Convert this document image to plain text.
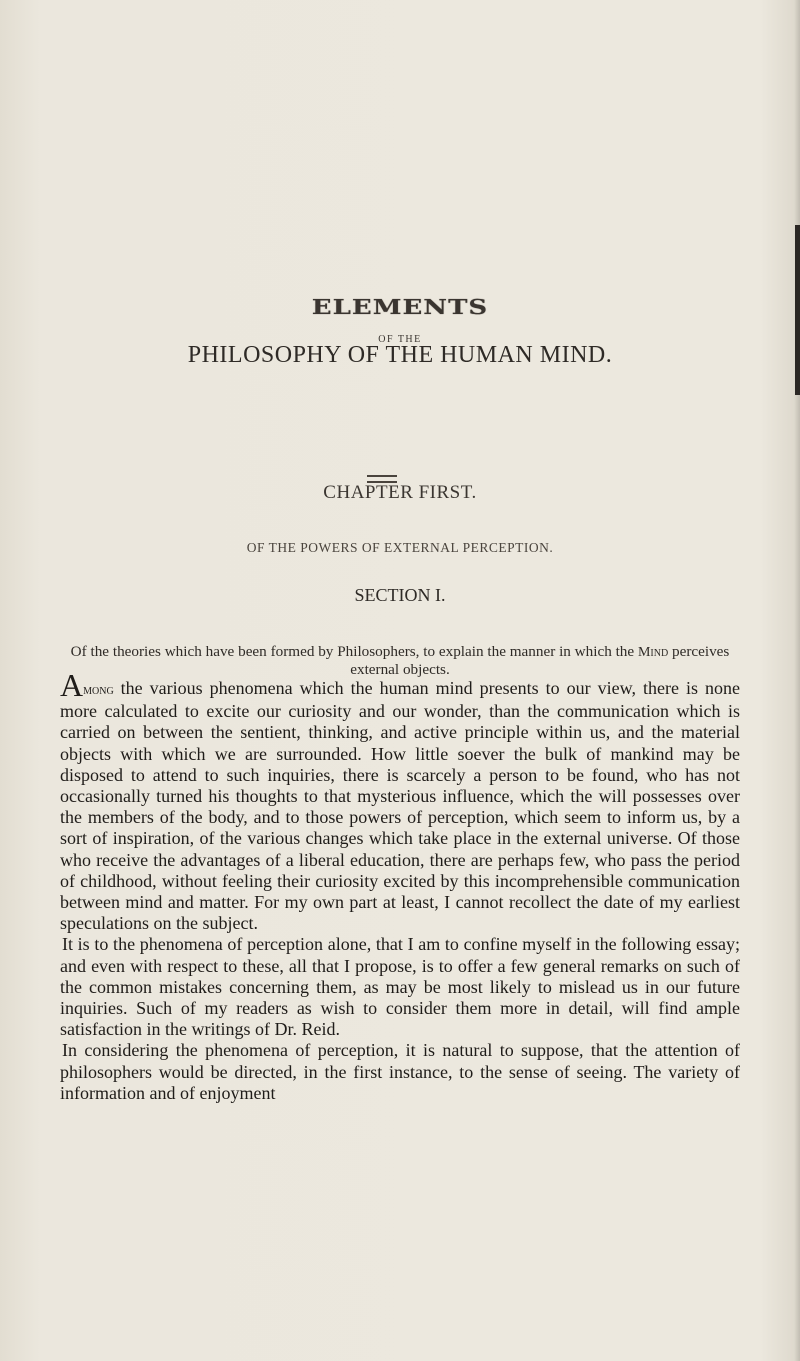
ELEMENTS
OF THE
PHILOSOPHY OF THE HUMAN MIND.
CHAPTER FIRST.
OF THE POWERS OF EXTERNAL PERCEPTION.
SECTION I.
Of the theories which have been formed by Philosophers, to explain the manner in which the Mind perceives external objects.

Among the various phenomena which the human mind presents to our view, there is none more calculated to excite our curiosity and our wonder, than the communication which is carried on between the sentient, thinking, and active principle within us, and the material objects with which we are surrounded. How little soever the bulk of mankind may be disposed to attend to such inquiries, there is scarcely a person to be found, who has not occasionally turned his thoughts to that mysterious influence, which the will possesses over the members of the body, and to those powers of perception, which seem to inform us, by a sort of inspiration, of the various changes which take place in the external universe. Of those who receive the advantages of a liberal education, there are perhaps few, who pass the period of childhood, without feeling their curiosity excited by this incomprehensible communication between mind and matter. For my own part at least, I cannot recollect the date of my earliest speculations on the subject.

It is to the phenomena of perception alone, that I am to confine myself in the following essay; and even with respect to these, all that I propose, is to offer a few general remarks on such of the common mistakes concerning them, as may be most likely to mislead us in our future inquiries. Such of my readers as wish to consider them more in detail, will find ample satisfaction in the writings of Dr. Reid.

In considering the phenomena of perception, it is natural to suppose, that the attention of philosophers would be directed, in the first instance, to the sense of seeing. The variety of information and of enjoyment
